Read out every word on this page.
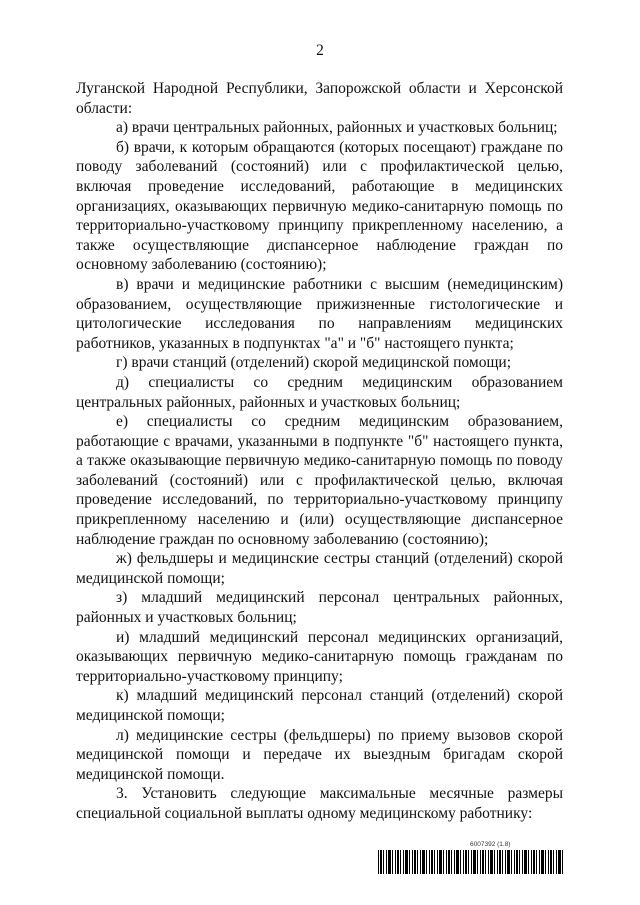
2

Луганской Народной Республики, Запорожской области и Херсонской области:

а) врачи центральных районных, районных и участковых больниц;

б) врачи, к которым обращаются (которых посещают) граждане по поводу заболеваний (состояний) или с профилактической целью, включая проведение исследований, работающие в медицинских организациях, оказывающих первичную медико-санитарную помощь по территориально-участковому принципу прикрепленному населению, а также осуществляющие диспансерное наблюдение граждан по основному заболеванию (состоянию);

в) врачи и медицинские работники с высшим (немедицинским) образованием, осуществляющие прижизненные гистологические и цитологические исследования по направлениям медицинских работников, указанных в подпунктах "а" и "б" настоящего пункта;

г) врачи станций (отделений) скорой медицинской помощи;

д) специалисты со средним медицинским образованием центральных районных, районных и участковых больниц;

е) специалисты со средним медицинским образованием, работающие с врачами, указанными в подпункте "б" настоящего пункта, а также оказывающие первичную медико-санитарную помощь по поводу заболеваний (состояний) или с профилактической целью, включая проведение исследований, по территориально-участковому принципу прикрепленному населению и (или) осуществляющие диспансерное наблюдение граждан по основному заболеванию (состоянию);

ж) фельдшеры и медицинские сестры станций (отделений) скорой медицинской помощи;

з) младший медицинский персонал центральных районных, районных и участковых больниц;

и) младший медицинский персонал медицинских организаций, оказывающих первичную медико-санитарную помощь гражданам по территориально-участковому принципу;

к) младший медицинский персонал станций (отделений) скорой медицинской помощи;

л) медицинские сестры (фельдшеры) по приему вызовов скорой медицинской помощи и передаче их выездным бригадам скорой медицинской помощи.

3. Установить следующие максимальные месячные размеры специальной социальной выплаты одному медицинскому работнику:

6007392 (1.8)
